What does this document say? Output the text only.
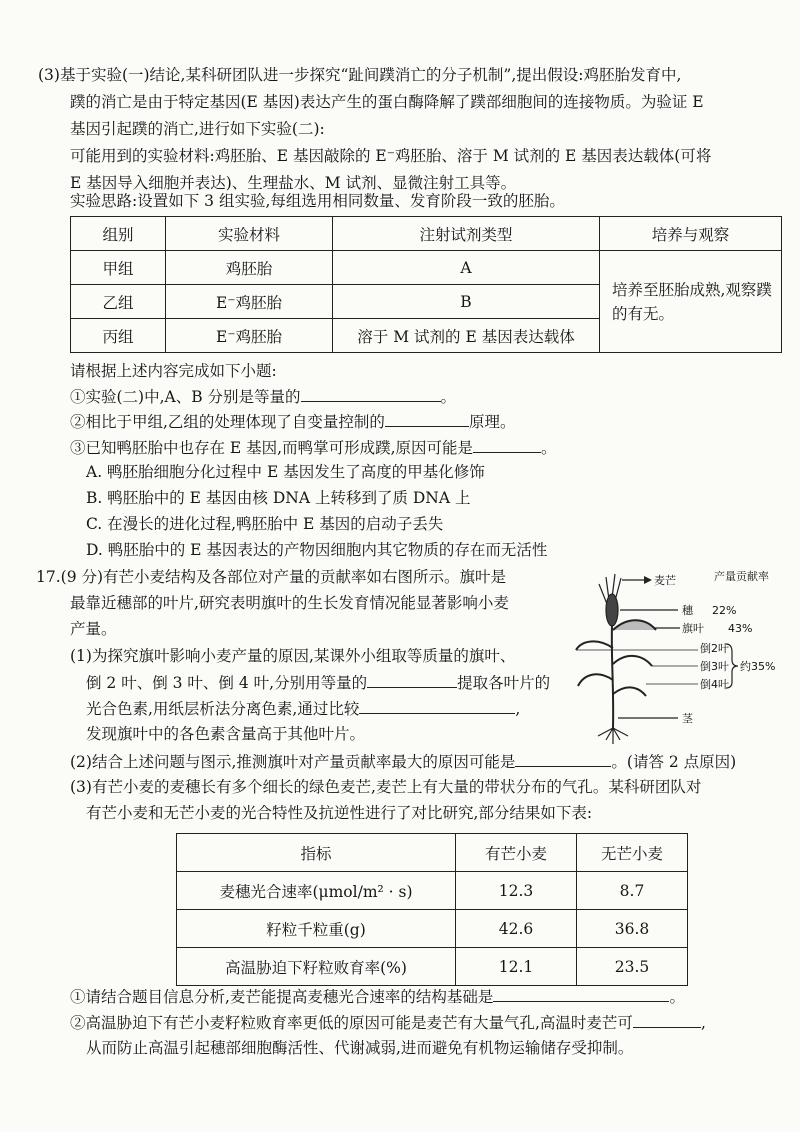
(3)基于实验(一)结论,某科研团队进一步探究“趾间蹼消亡的分子机制”,提出假设:鸡胚胎发育中,
蹼的消亡是由于特定基因(E 基因)表达产生的蛋白酶降解了蹼部细胞间的连接物质。为验证 E
基因引起蹼的消亡,进行如下实验(二):
可能用到的实验材料:鸡胚胎、E 基因敲除的 E⁻鸡胚胎、溶于 M 试剂的 E 基因表达载体(可将
E 基因导入细胞并表达)、生理盐水、M 试剂、显微注射工具等。
实验思路:设置如下 3 组实验,每组选用相同数量、发育阶段一致的胚胎。
组别	实验材料	注射试剂类型	培养与观察
甲组	鸡胚胎	A	培养至胚胎成熟,观察蹼的有无。
乙组	E⁻鸡胚胎	B	
丙组	E⁻鸡胚胎	溶于 M 试剂的 E 基因表达载体	
请根据上述内容完成如下小题:
①实验(二)中,A、B 分别是等量的	。
②相比于甲组,乙组的处理体现了自变量控制的	原理。
③已知鸭胚胎中也存在 E 基因,而鸭掌可形成蹼,原因可能是	。
A. 鸭胚胎细胞分化过程中 E 基因发生了高度的甲基化修饰
B. 鸭胚胎中的 E 基因由核 DNA 上转移到了质 DNA 上
C. 在漫长的进化过程,鸭胚胎中 E 基因的启动子丢失
D. 鸭胚胎中的 E 基因表达的产物因细胞内其它物质的存在而无活性
17.(9 分)有芒小麦结构及各部位对产量的贡献率如右图所示。旗叶是
最靠近穗部的叶片,研究表明旗叶的生长发育情况能显著影响小麦
产量。
(1)为探究旗叶影响小麦产量的原因,某课外小组取等质量的旗叶、
倒 2 叶、倒 3 叶、倒 4 叶,分别用等量的	提取各叶片的
光合色素,用纸层析法分离色素,通过比较	,
发现旗叶中的各色素含量高于其他叶片。
(2)结合上述问题与图示,推测旗叶对产量贡献率最大的原因可能是	。(请答 2 点原因)
(3)有芒小麦的麦穗长有多个细长的绿色麦芒,麦芒上有大量的带状分布的气孔。某科研团队对
有芒小麦和无芒小麦的光合特性及抗逆性进行了对比研究,部分结果如下表:
指标	有芒小麦	无芒小麦
麦穗光合速率(μmol/m² · s)	12.3	8.7
籽粒千粒重(g)	42.6	36.8
高温胁迫下籽粒败育率(%)	12.1	23.5
①请结合题目信息分析,麦芒能提高麦穗光合速率的结构基础是	。
②高温胁迫下有芒小麦籽粒败育率更低的原因可能是麦芒有大量气孔,高温时麦芒可	,
从而防止高温引起穗部细胞酶活性、代谢减弱,进而避免有机物运输储存受抑制。
麦芒	产量贡献率
穗 22%
旗叶 43%
倒2叶
倒3叶
倒4叶
约35%
茎
